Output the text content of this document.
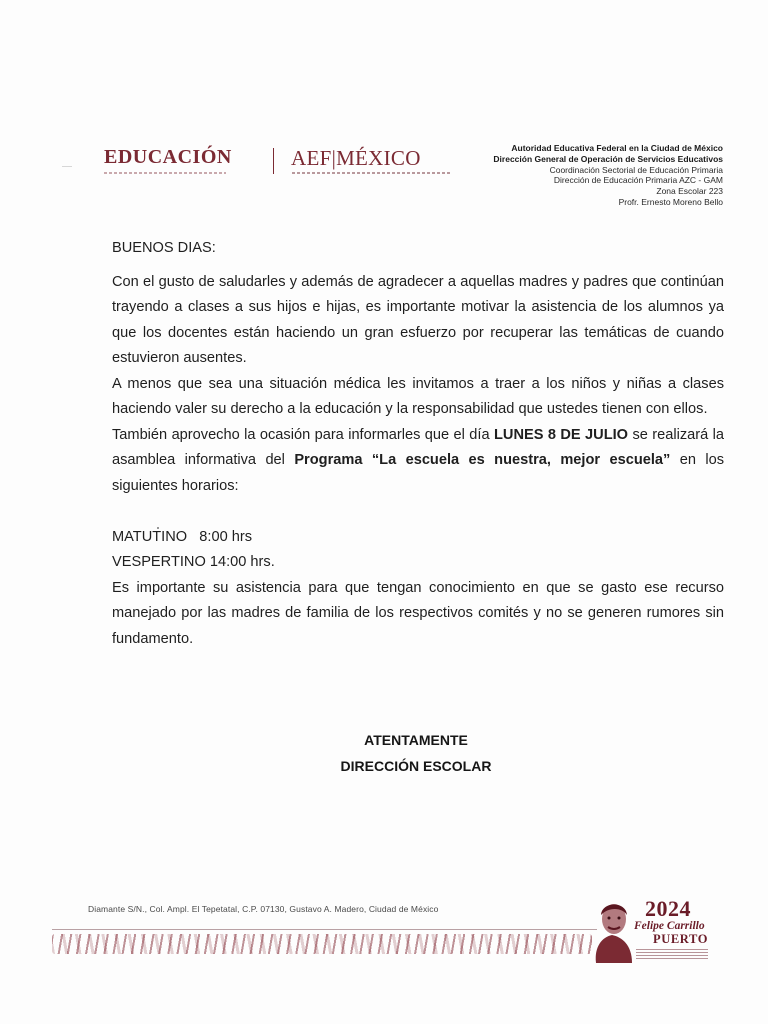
EDUCACIÓN	AEF|MÉXICO	Autoridad Educativa Federal en la Ciudad de México
Dirección General de Operación de Servicios Educativos
Coordinación Sectorial de Educación Primaria
Dirección de Educación Primaria AZC - GAM
Zona Escolar 223
Profr. Ernesto Moreno Bello

BUENOS DIAS:

Con el gusto de saludarles y además de agradecer a aquellas madres y padres que continúan trayendo a clases a sus hijos e hijas, es importante motivar la asistencia de los alumnos ya que los docentes están haciendo un gran esfuerzo por recuperar las temáticas de cuando estuvieron ausentes.

A menos que sea una situación médica les invitamos a traer a los niños y niñas a clases haciendo valer su derecho a la educación y la responsabilidad que ustedes tienen con ellos.

También aprovecho la ocasión para informarles que el día LUNES 8 DE JULIO se realizará la asamblea informativa del Programa “La escuela es nuestra, mejor escuela” en los siguientes horarios:

MATUTINO   8:00 hrs

VESPERTINO 14:00 hrs.

Es importante su asistencia para que tengan conocimiento en que se gasto ese recurso manejado por las madres de familia de los respectivos comités y no se generen rumores sin fundamento.

ATENTAMENTE
DIRECCIÓN ESCOLAR
Diamante S/N., Col. Ampl. El Tepetatal, C.P. 07130, Gustavo A. Madero, Ciudad de México	2024
Felipe Carrillo
PUERTO
